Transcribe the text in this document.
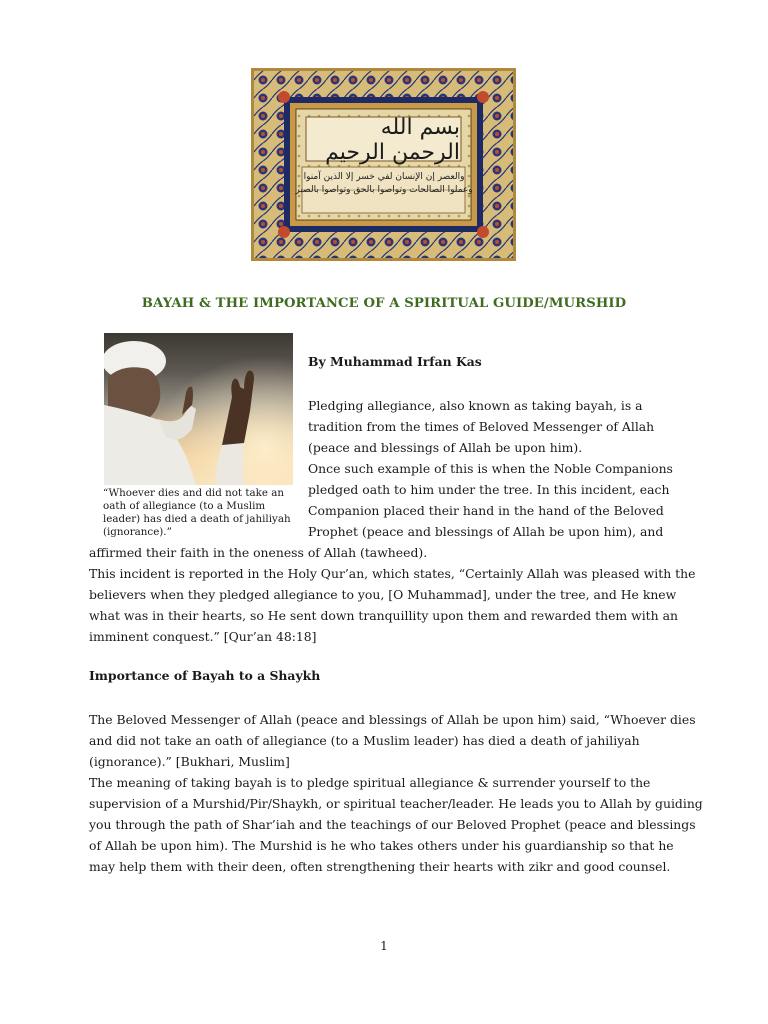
بسم الله الرحمن الرحيم
والعصر إن الإنسان لفي خسر إلا الذين آمنوا وعملوا الصالحات وتواصوا بالحق وتواصوا بالصبر
BAYAH & THE IMPORTANCE OF A SPIRITUAL GUIDE/MURSHID
“Whoever dies and did not take an oath of allegiance (to a Muslim leader) has died a death of jahiliyah (ignorance).”
By Muhammad Irfan Kas

Pledging allegiance, also known as taking bayah, is a tradition from the times of Beloved Messenger of Allah (peace and blessings of Allah be upon him).

Once such example of this is when the Noble Companions pledged oath to him under the tree. In this incident, each Companion placed their hand in the hand of the Beloved Prophet (peace and blessings of Allah be upon him), and

affirmed their faith in the oneness of Allah (tawheed).

This incident is reported in the Holy Qur’an, which states, “Certainly Allah was pleased with the believers when they pledged allegiance to you, [O Muhammad], under the tree, and He knew what was in their hearts, so He sent down tranquillity upon them and rewarded them with an imminent conquest.” [Qur’an 48:18]

Importance of Bayah to a Shaykh

The Beloved Messenger of Allah (peace and blessings of Allah be upon him) said, “Whoever dies and did not take an oath of allegiance (to a Muslim leader) has died a death of jahiliyah (ignorance).” [Bukhari, Muslim]

The meaning of taking bayah is to pledge spiritual allegiance & surrender yourself to the supervision of a Murshid/Pir/Shaykh, or spiritual teacher/leader. He leads you to Allah by guiding you through the path of Shar’iah and the teachings of our Beloved Prophet (peace and blessings of Allah be upon him). The Murshid is he who takes others under his guardianship so that he may help them with their deen, often strengthening their hearts with zikr and good counsel.

1
